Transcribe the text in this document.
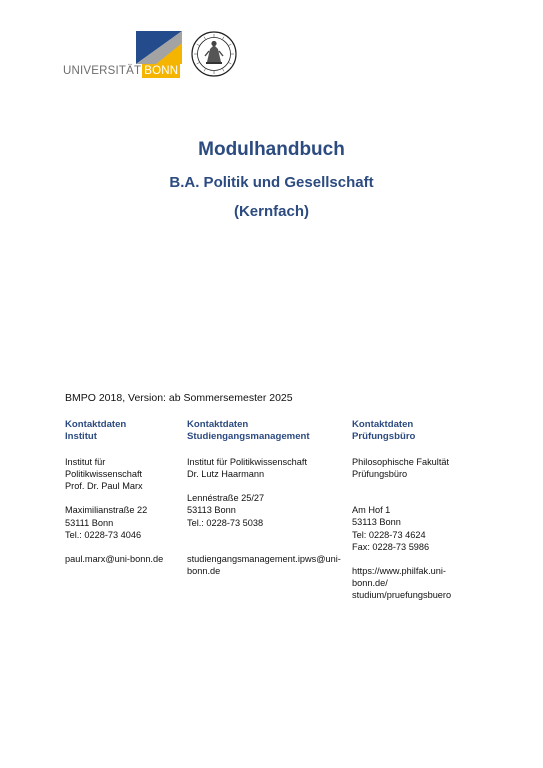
UNIVERSITÄT BONN
Modulhandbuch
B.A. Politik und Gesellschaft
(Kernfach)
BMPO 2018, Version: ab Sommersemester 2025
Kontaktdaten
Institut
Institut für
Politikwissenschaft
Prof. Dr. Paul Marx
Maximilianstraße 22
53111 Bonn
Tel.: 0228-73 4046
paul.marx@uni-bonn.de
Kontaktdaten
Studiengangsmanagement
Institut für Politikwissenschaft
Dr. Lutz Haarmann
Lennéstraße 25/27
53113 Bonn
Tel.: 0228-73 5038
studiengangsmanagement.ipws@uni-
bonn.de
Kontaktdaten
Prüfungsbüro
Philosophische Fakultät
Prüfungsbüro
Am Hof 1
53113 Bonn
Tel: 0228-73 4624
Fax: 0228-73 5986
https://www.philfak.uni-
bonn.de/
studium/pruefungsbuero
